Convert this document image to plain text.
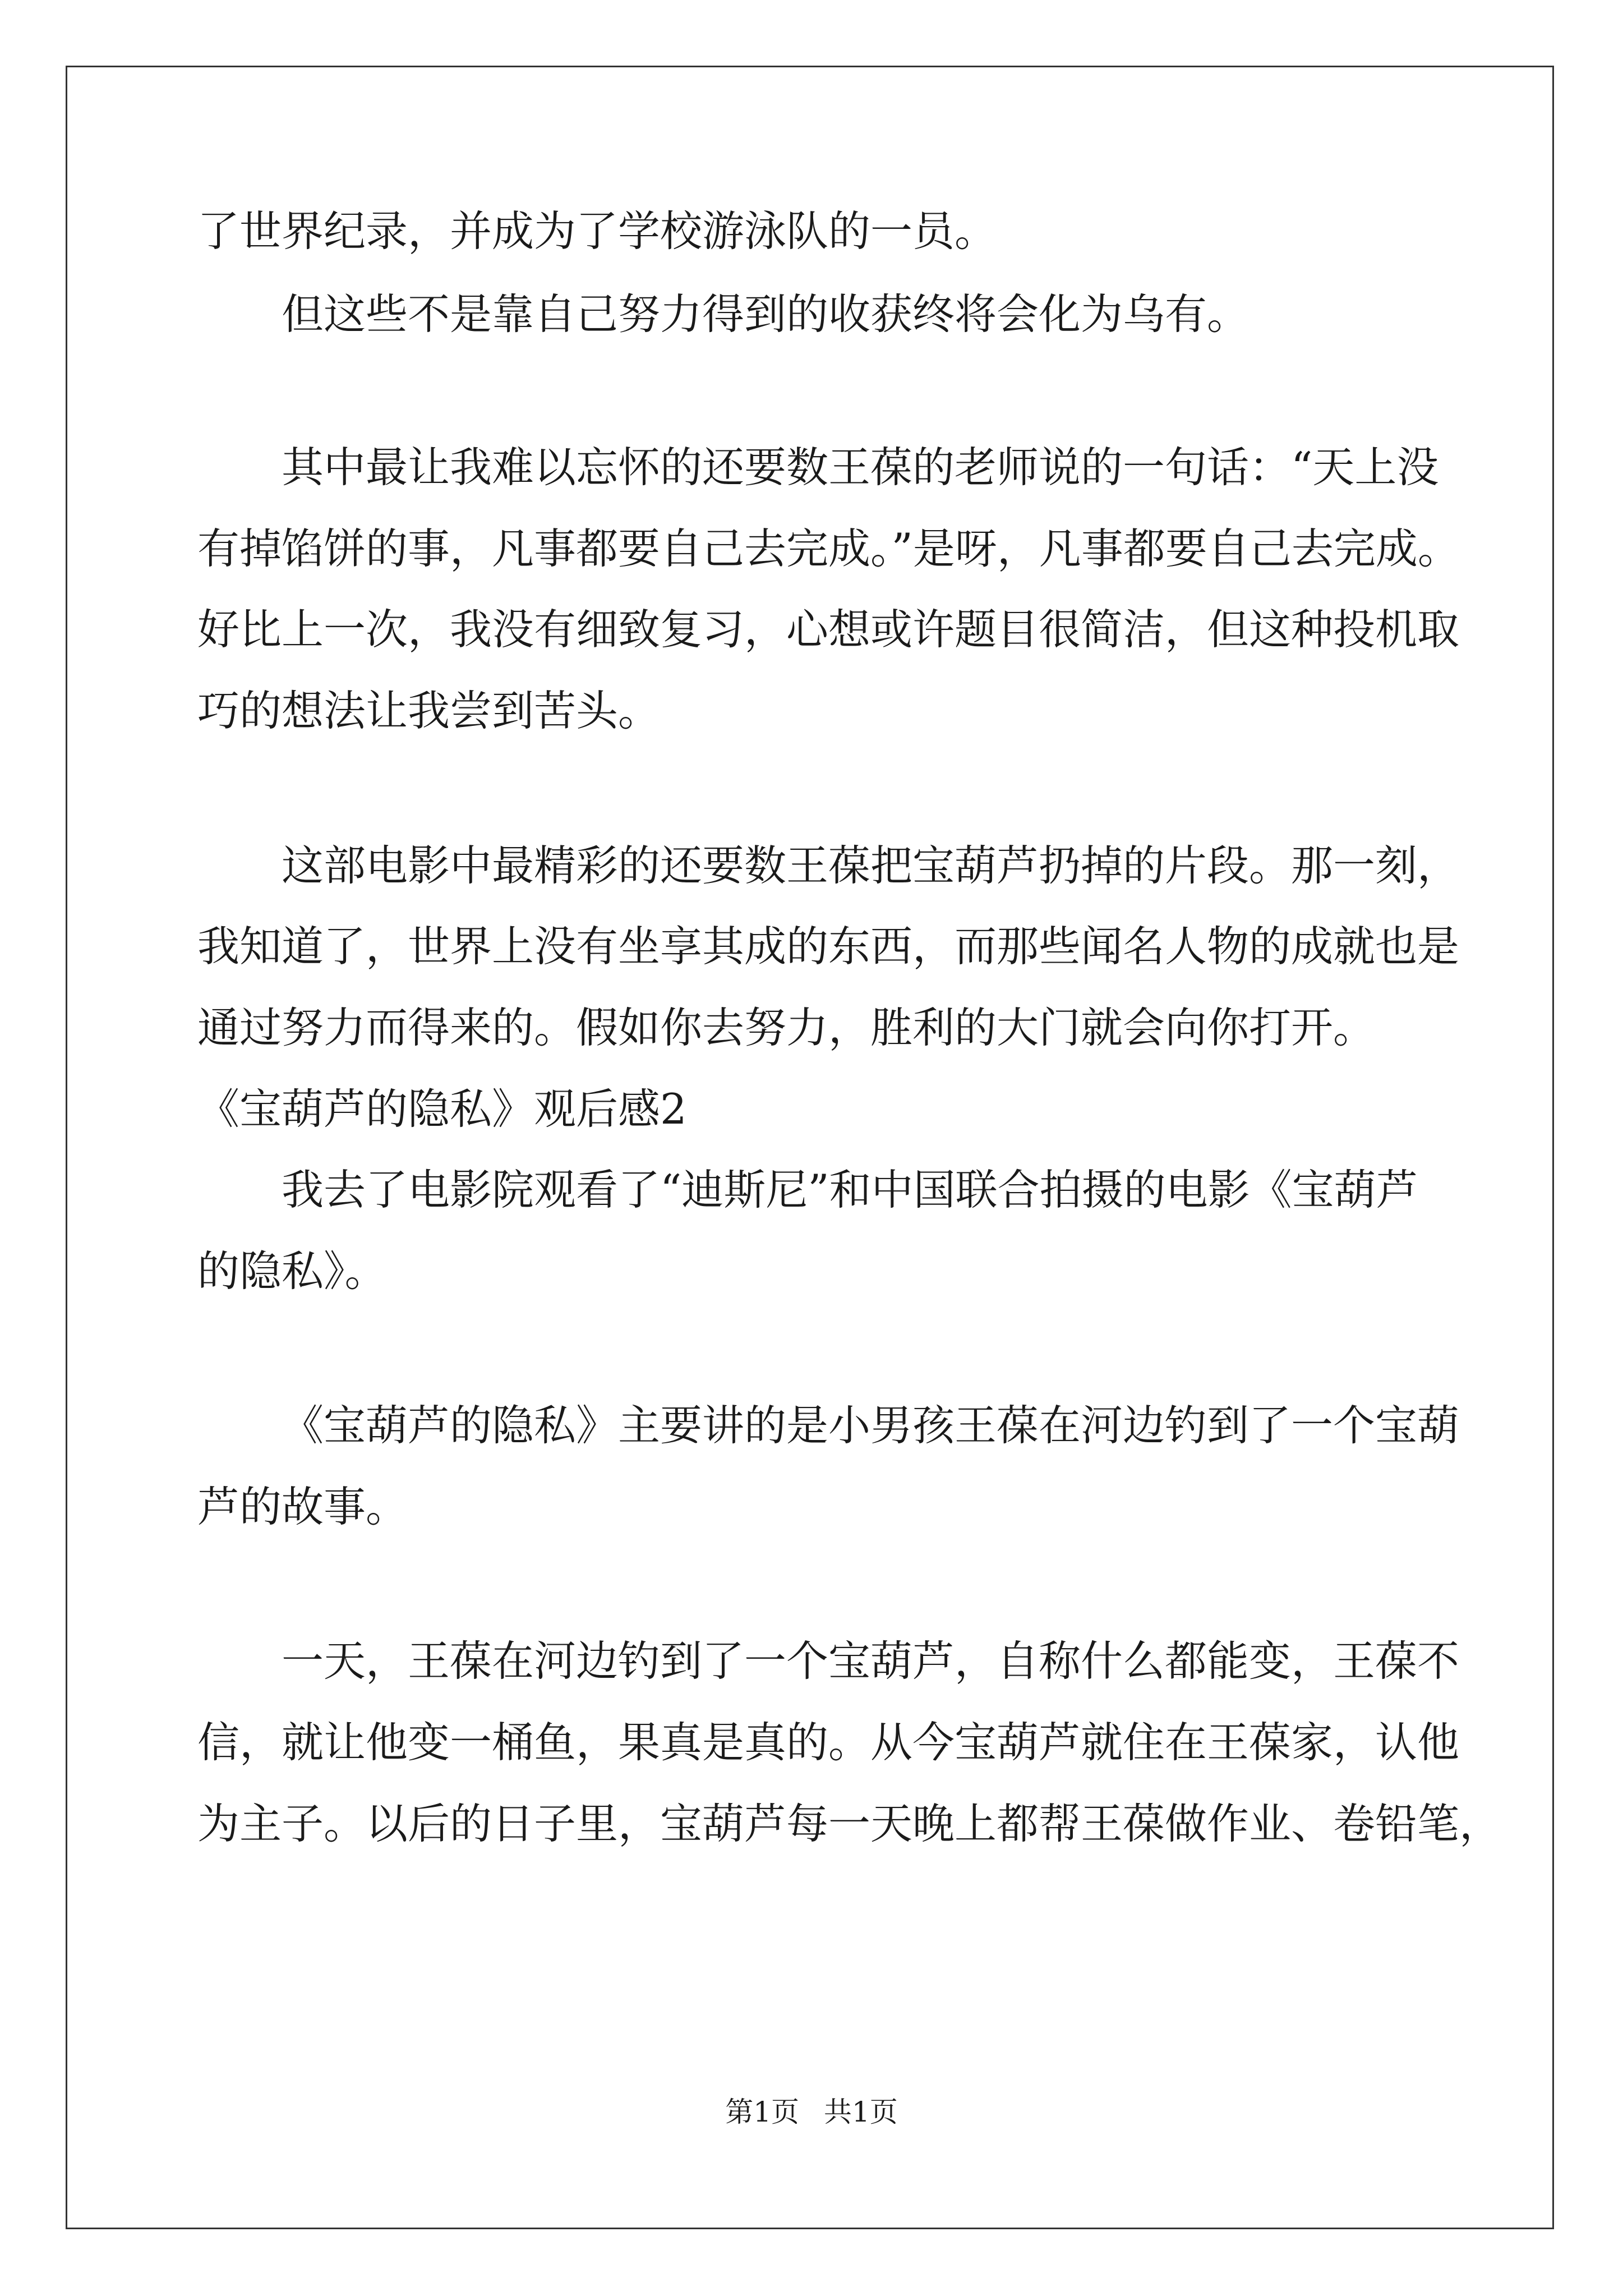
了世界纪录，并成为了学校游泳队的一员。
但这些不是靠自己努力得到的收获终将会化为乌有。
其中最让我难以忘怀的还要数王葆的老师说的一句话：“天上没
有掉馅饼的事，凡事都要自己去完成。”是呀，凡事都要自己去完成。
好比上一次，我没有细致复习，心想或许题目很简洁，但这种投机取
巧的想法让我尝到苦头。
这部电影中最精彩的还要数王葆把宝葫芦扔掉的片段。那一刻，
我知道了，世界上没有坐享其成的东西，而那些闻名人物的成就也是
通过努力而得来的。假如你去努力，胜利的大门就会向你打开。
《宝葫芦的隐私》观后感2
我去了电影院观看了“迪斯尼”和中国联合拍摄的电影《宝葫芦
的隐私》。
《宝葫芦的隐私》主要讲的是小男孩王葆在河边钓到了一个宝葫
芦的故事。
一天，王葆在河边钓到了一个宝葫芦，自称什么都能变，王葆不
信，就让他变一桶鱼，果真是真的。从今宝葫芦就住在王葆家，认他
为主子。以后的日子里，宝葫芦每一天晚上都帮王葆做作业、卷铅笔，
第1页 共1页
